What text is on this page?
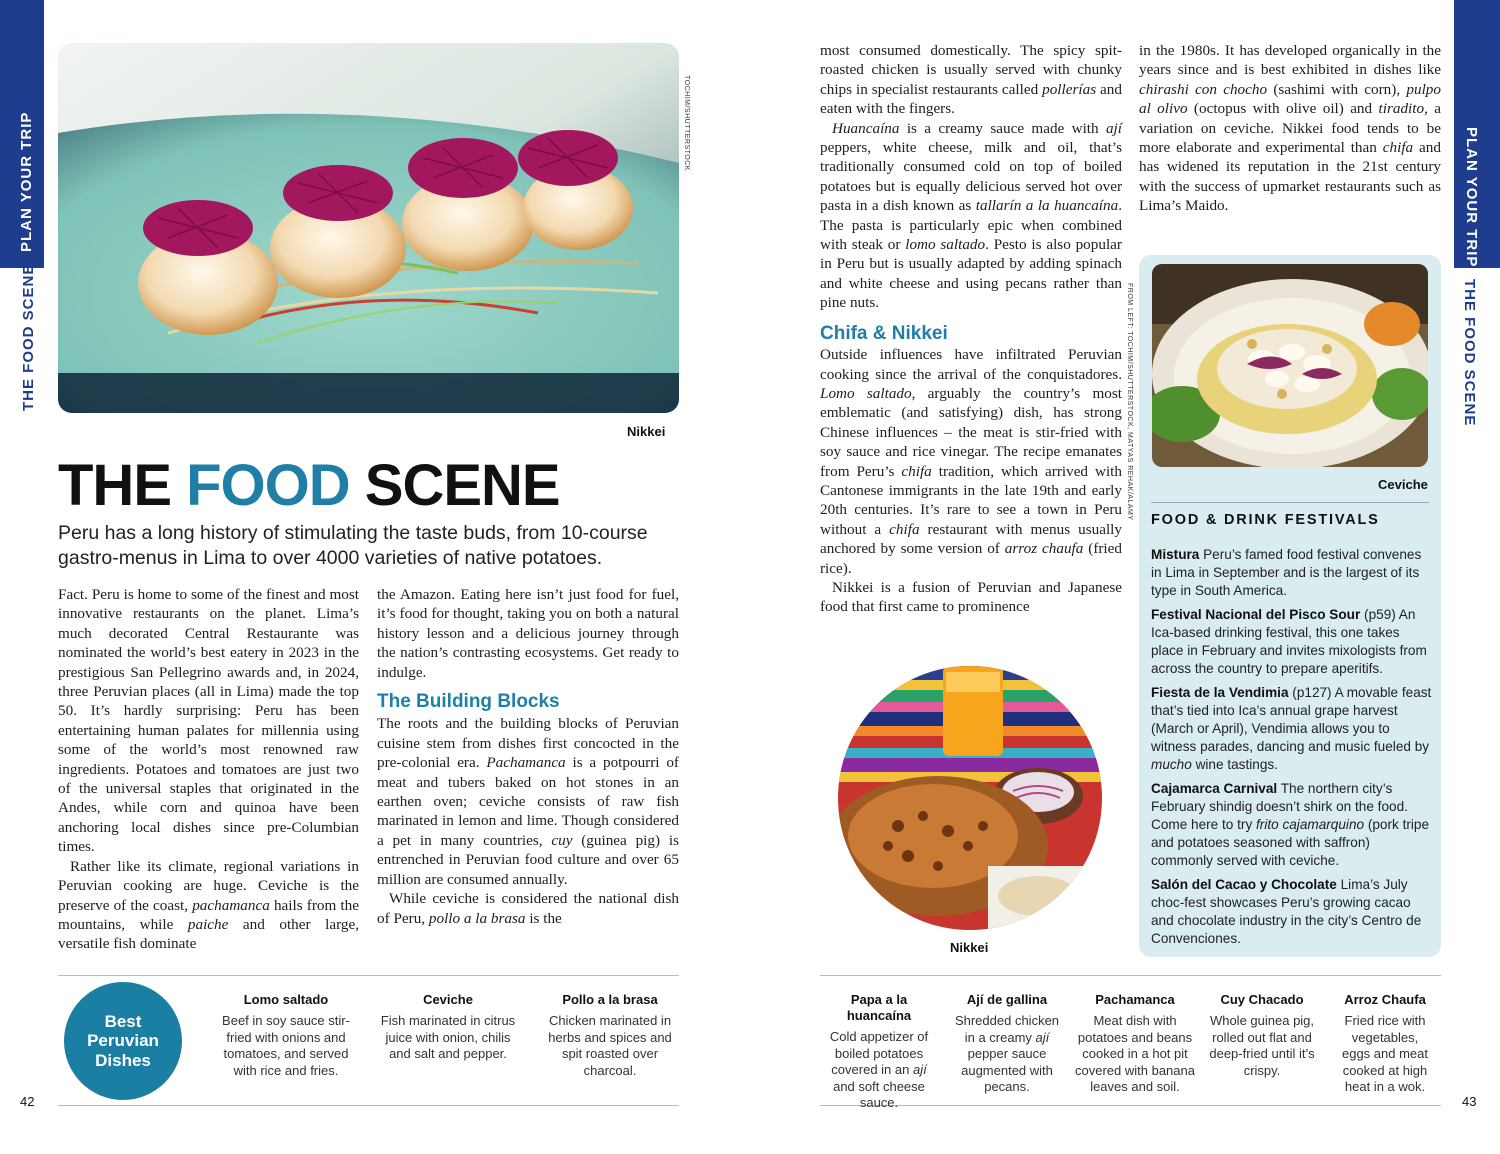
PLAN YOUR TRIP
THE FOOD SCENE
PLAN YOUR TRIP
THE FOOD SCENE
TOCHIM/SHUTTERSTOCK
Nikkei
THE FOOD SCENE
Peru has a long history of stimulating the taste buds, from 10-course gastro-menus in Lima to over 4000 varieties of native potatoes.

Fact. Peru is home to some of the finest and most innovative restaurants on the planet. Lima’s much decorated Central Restaurante was nominated the world’s best eatery in 2023 in the prestigious San Pellegrino awards and, in 2024, three Peruvian places (all in Lima) made the top 50. It’s hardly surprising: Peru has been entertaining human palates for millennia using some of the world’s most renowned raw ingredients. Potatoes and tomatoes are just two of the universal staples that originated in the Andes, while corn and quinoa have been anchoring local dishes since pre-Columbian times.

Rather like its climate, regional variations in Peruvian cooking are huge. Ceviche is the preserve of the coast, pachamanca hails from the mountains, while paiche and other large, versatile fish dominate

the Amazon. Eating here isn’t just food for fuel, it’s food for thought, taking you on both a natural history lesson and a delicious journey through the nation’s contrasting ecosystems. Get ready to indulge.

The Building Blocks

The roots and the building blocks of Peruvian cuisine stem from dishes first concocted in the pre-colonial era. Pachamanca is a potpourri of meat and tubers baked on hot stones in an earthen oven; ceviche consists of raw fish marinated in lemon and lime. Though considered a pet in many countries, cuy (guinea pig) is entrenched in Peruvian food culture and over 65 million are consumed annually.

While ceviche is considered the national dish of Peru, pollo a la brasa is the

most consumed domestically. The spicy spit-roasted chicken is usually served with chunky chips in specialist restaurants called pollerías and eaten with the fingers.

Huancaína is a creamy sauce made with ají peppers, white cheese, milk and oil, that’s traditionally consumed cold on top of boiled potatoes but is equally delicious served hot over pasta in a dish known as tallarín a la huancaína. The pasta is particularly epic when combined with steak or lomo saltado. Pesto is also popular in Peru but is usually adapted by adding spinach and white cheese and using pecans rather than pine nuts.

Chifa & Nikkei

Outside influences have infiltrated Peruvian cooking since the arrival of the conquistadores. Lomo saltado, arguably the country’s most emblematic (and satisfying) dish, has strong Chinese influences – the meat is stir-fried with soy sauce and rice vinegar. The recipe emanates from Peru’s chifa tradition, which arrived with Cantonese immigrants in the late 19th and early 20th centuries. It’s rare to see a town in Peru without a chifa restaurant with menus usually anchored by some version of arroz chaufa (fried rice).

Nikkei is a fusion of Peruvian and Japanese food that first came to prominence

FROM LEFT: TOCHIM/SHUTTERSTOCK, MATYAS REHAK/ALAMY

in the 1980s. It has developed organically in the years since and is best exhibited in dishes like chirashi con chocho (sashimi with corn), pulpo al olivo (octopus with olive oil) and tiradito, a variation on ceviche. Nikkei food tends to be more elaborate and experimental than chifa and has widened its reputation in the 21st century with the success of upmarket restaurants such as Lima’s Maido.

Ceviche
FOOD & DRINK FESTIVALS

Mistura Peru’s famed food festival convenes in Lima in September and is the largest of its type in South America.

Festival Nacional del Pisco Sour (p59) An Ica-based drinking festival, this one takes place in February and invites mixologists from across the country to prepare aperitifs.

Fiesta de la Vendimia (p127) A movable feast that’s tied into Ica’s annual grape harvest (March or April), Vendimia allows you to witness parades, dancing and music fueled by mucho wine tastings.

Cajamarca Carnival The northern city’s February shindig doesn’t shirk on the food. Come here to try frito cajamarquino (pork tripe and potatoes seasoned with saffron) commonly served with ceviche.

Salón del Cacao y Chocolate Lima’s July choc-fest showcases Peru’s growing cacao and chocolate industry in the city’s Centro de Convenciones.

Nikkei
Best
Peruvian
Dishes
Lomo saltado
Beef in soy sauce stir-fried with onions and tomatoes, and served with rice and fries.
Ceviche
Fish marinated in citrus juice with onion, chilis and salt and pepper.
Pollo a la brasa
Chicken marinated in herbs and spices and spit roasted over charcoal.
Papa a la huancaína
Cold appetizer of boiled potatoes covered in an ají and soft cheese sauce.
Ají de gallina
Shredded chicken in a creamy ají pepper sauce augmented with pecans.
Pachamanca
Meat dish with potatoes and beans cooked in a hot pit covered with banana leaves and soil.
Cuy Chacado
Whole guinea pig, rolled out flat and deep-fried until it’s crispy.
Arroz Chaufa
Fried rice with vegetables, eggs and meat cooked at high heat in a wok.
42	43
